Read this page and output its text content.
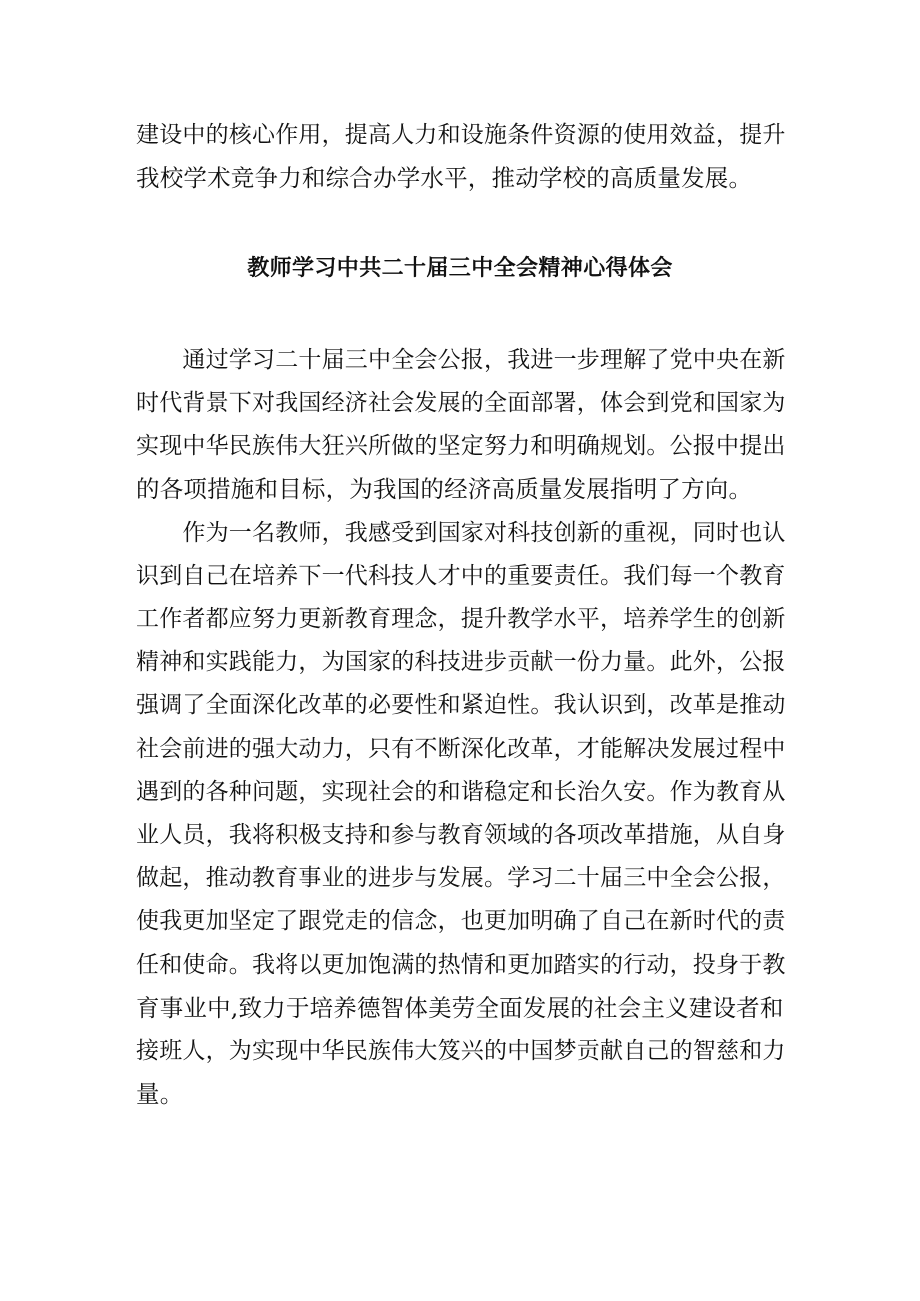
建设中的核心作用，提高人力和设施条件资源的使用效益，提升
我校学术竞争力和综合办学水平，推动学校的高质量发展。
教师学习中共二十届三中全会精神心得体会
　　通过学习二十届三中全会公报，我进一步理解了党中央在新
时代背景下对我国经济社会发展的全面部署，体会到党和国家为
实现中华民族伟大狂兴所做的坚定努力和明确规划。公报中提出
的各项措施和目标，为我国的经济高质量发展指明了方向。
　　作为一名教师，我感受到国家对科技创新的重视，同时也认
识到自己在培养下一代科技人才中的重要责任。我们每一个教育
工作者都应努力更新教育理念，提升教学水平，培养学生的创新
精神和实践能力，为国家的科技进步贡献一份力量。此外，公报
强调了全面深化改革的必要性和紧迫性。我认识到，改革是推动
社会前进的强大动力，只有不断深化改革，才能解决发展过程中
遇到的各种问题，实现社会的和谐稳定和长治久安。作为教育从
业人员，我将积极支持和参与教育领域的各项改革措施，从自身
做起，推动教育事业的进步与发展。学习二十届三中全会公报，
使我更加坚定了跟党走的信念，也更加明确了自己在新时代的责
任和使命。我将以更加饱满的热情和更加踏实的行动，投身于教
育事业中,致力于培养德智体美劳全面发展的社会主义建设者和
接班人，为实现中华民族伟大笈兴的中国梦贡献自己的智慈和力
量。
